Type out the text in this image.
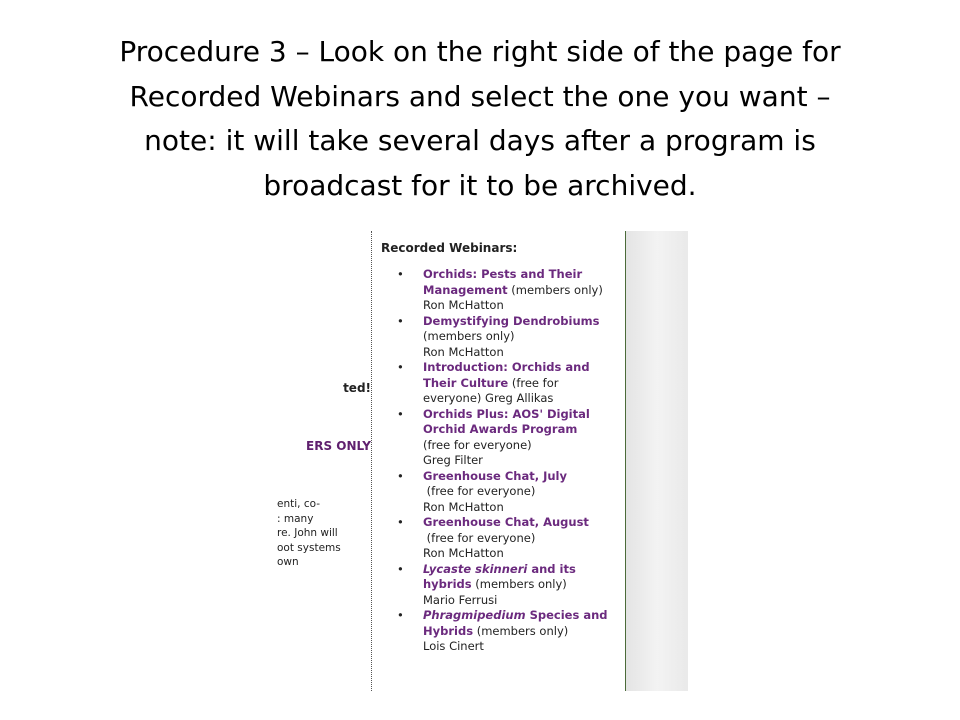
Procedure 3 – Look on the right side of the page for
Recorded Webinars and select the one you want –
note: it will take several days after a program is
broadcast for it to be archived.
ted!
ERS ONLY
enti, co-
: many
re. John will
oot systems
own
Recorded Webinars:
• Orchids: Pests and Their
Management (members only)
Ron McHatton
• Demystifying Dendrobiums
(members only)
Ron McHatton
• Introduction: Orchids and
Their Culture (free for
everyone) Greg Allikas
• Orchids Plus: AOS' Digital
Orchid Awards Program
(free for everyone)
Greg Filter
• Greenhouse Chat, July
(free for everyone)
Ron McHatton
• Greenhouse Chat, August
(free for everyone)
Ron McHatton
• Lycaste skinneri and its
hybrids (members only)
Mario Ferrusi
• Phragmipedium Species and
Hybrids (members only)
Lois Cinert
